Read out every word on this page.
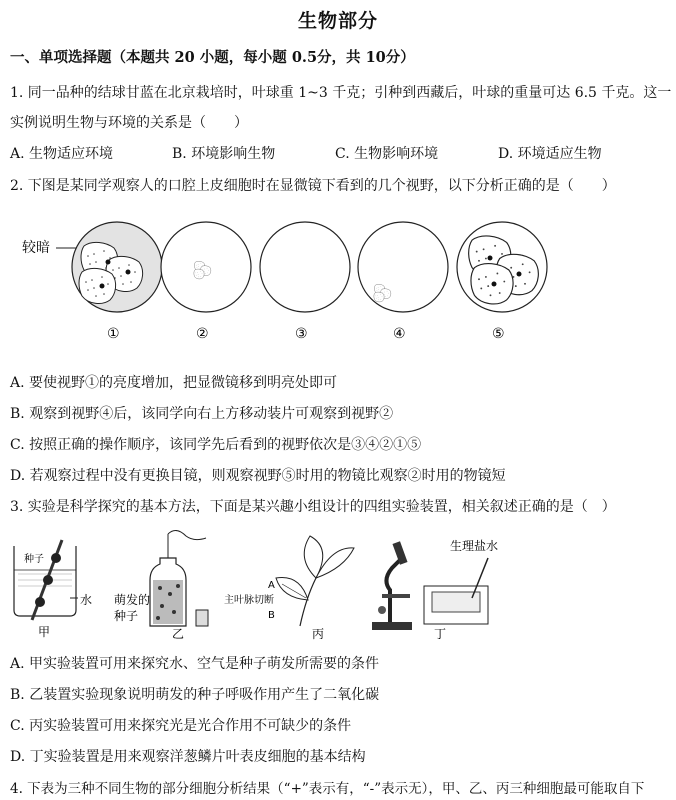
生物部分
一、单项选择题（本题共 20 小题，每小题 0.5分，共 10分）
1. 同一品种的结球甘蓝在北京栽培时，叶球重 1~3 千克；引种到西藏后，叶球的重量可达 6.5 千克。这一
实例说明生物与环境的关系是（　　）
A. 生物适应环境	B. 环境影响生物	C. 生物影响环境	D. 环境适应生物
2. 下图是某同学观察人的口腔上皮细胞时在显微镜下看到的几个视野，以下分析正确的是（　　）
较暗
①	②	③	④	⑤
A. 要使视野①的亮度增加，把显微镜移到明亮处即可
B. 观察到视野④后，该同学向右上方移动装片可观察到视野②
C. 按照正确的操作顺序，该同学先后看到的视野依次是③④②①⑤
D. 若观察过程中没有更换目镜，则观察视野⑤时用的物镜比观察②时用的物镜短
3. 实验是科学探究的基本方法，下面是某兴趣小组设计的四组实验装置，相关叙述正确的是（　）
种子
水
甲
萌发的
种子
乙
主叶脉切断
A
B
丙
生理盐水
丁
A. 甲实验装置可用来探究水、空气是种子萌发所需要的条件
B. 乙装置实验现象说明萌发的种子呼吸作用产生了二氧化碳
C. 丙实验装置可用来探究光是光合作用不可缺少的条件
D. 丁实验装置是用来观察洋葱鳞片叶表皮细胞的基本结构
4. 下表为三种不同生物的部分细胞分析结果（“+”表示有，“-”表示无），甲、乙、丙三种细胞最可能取自下
